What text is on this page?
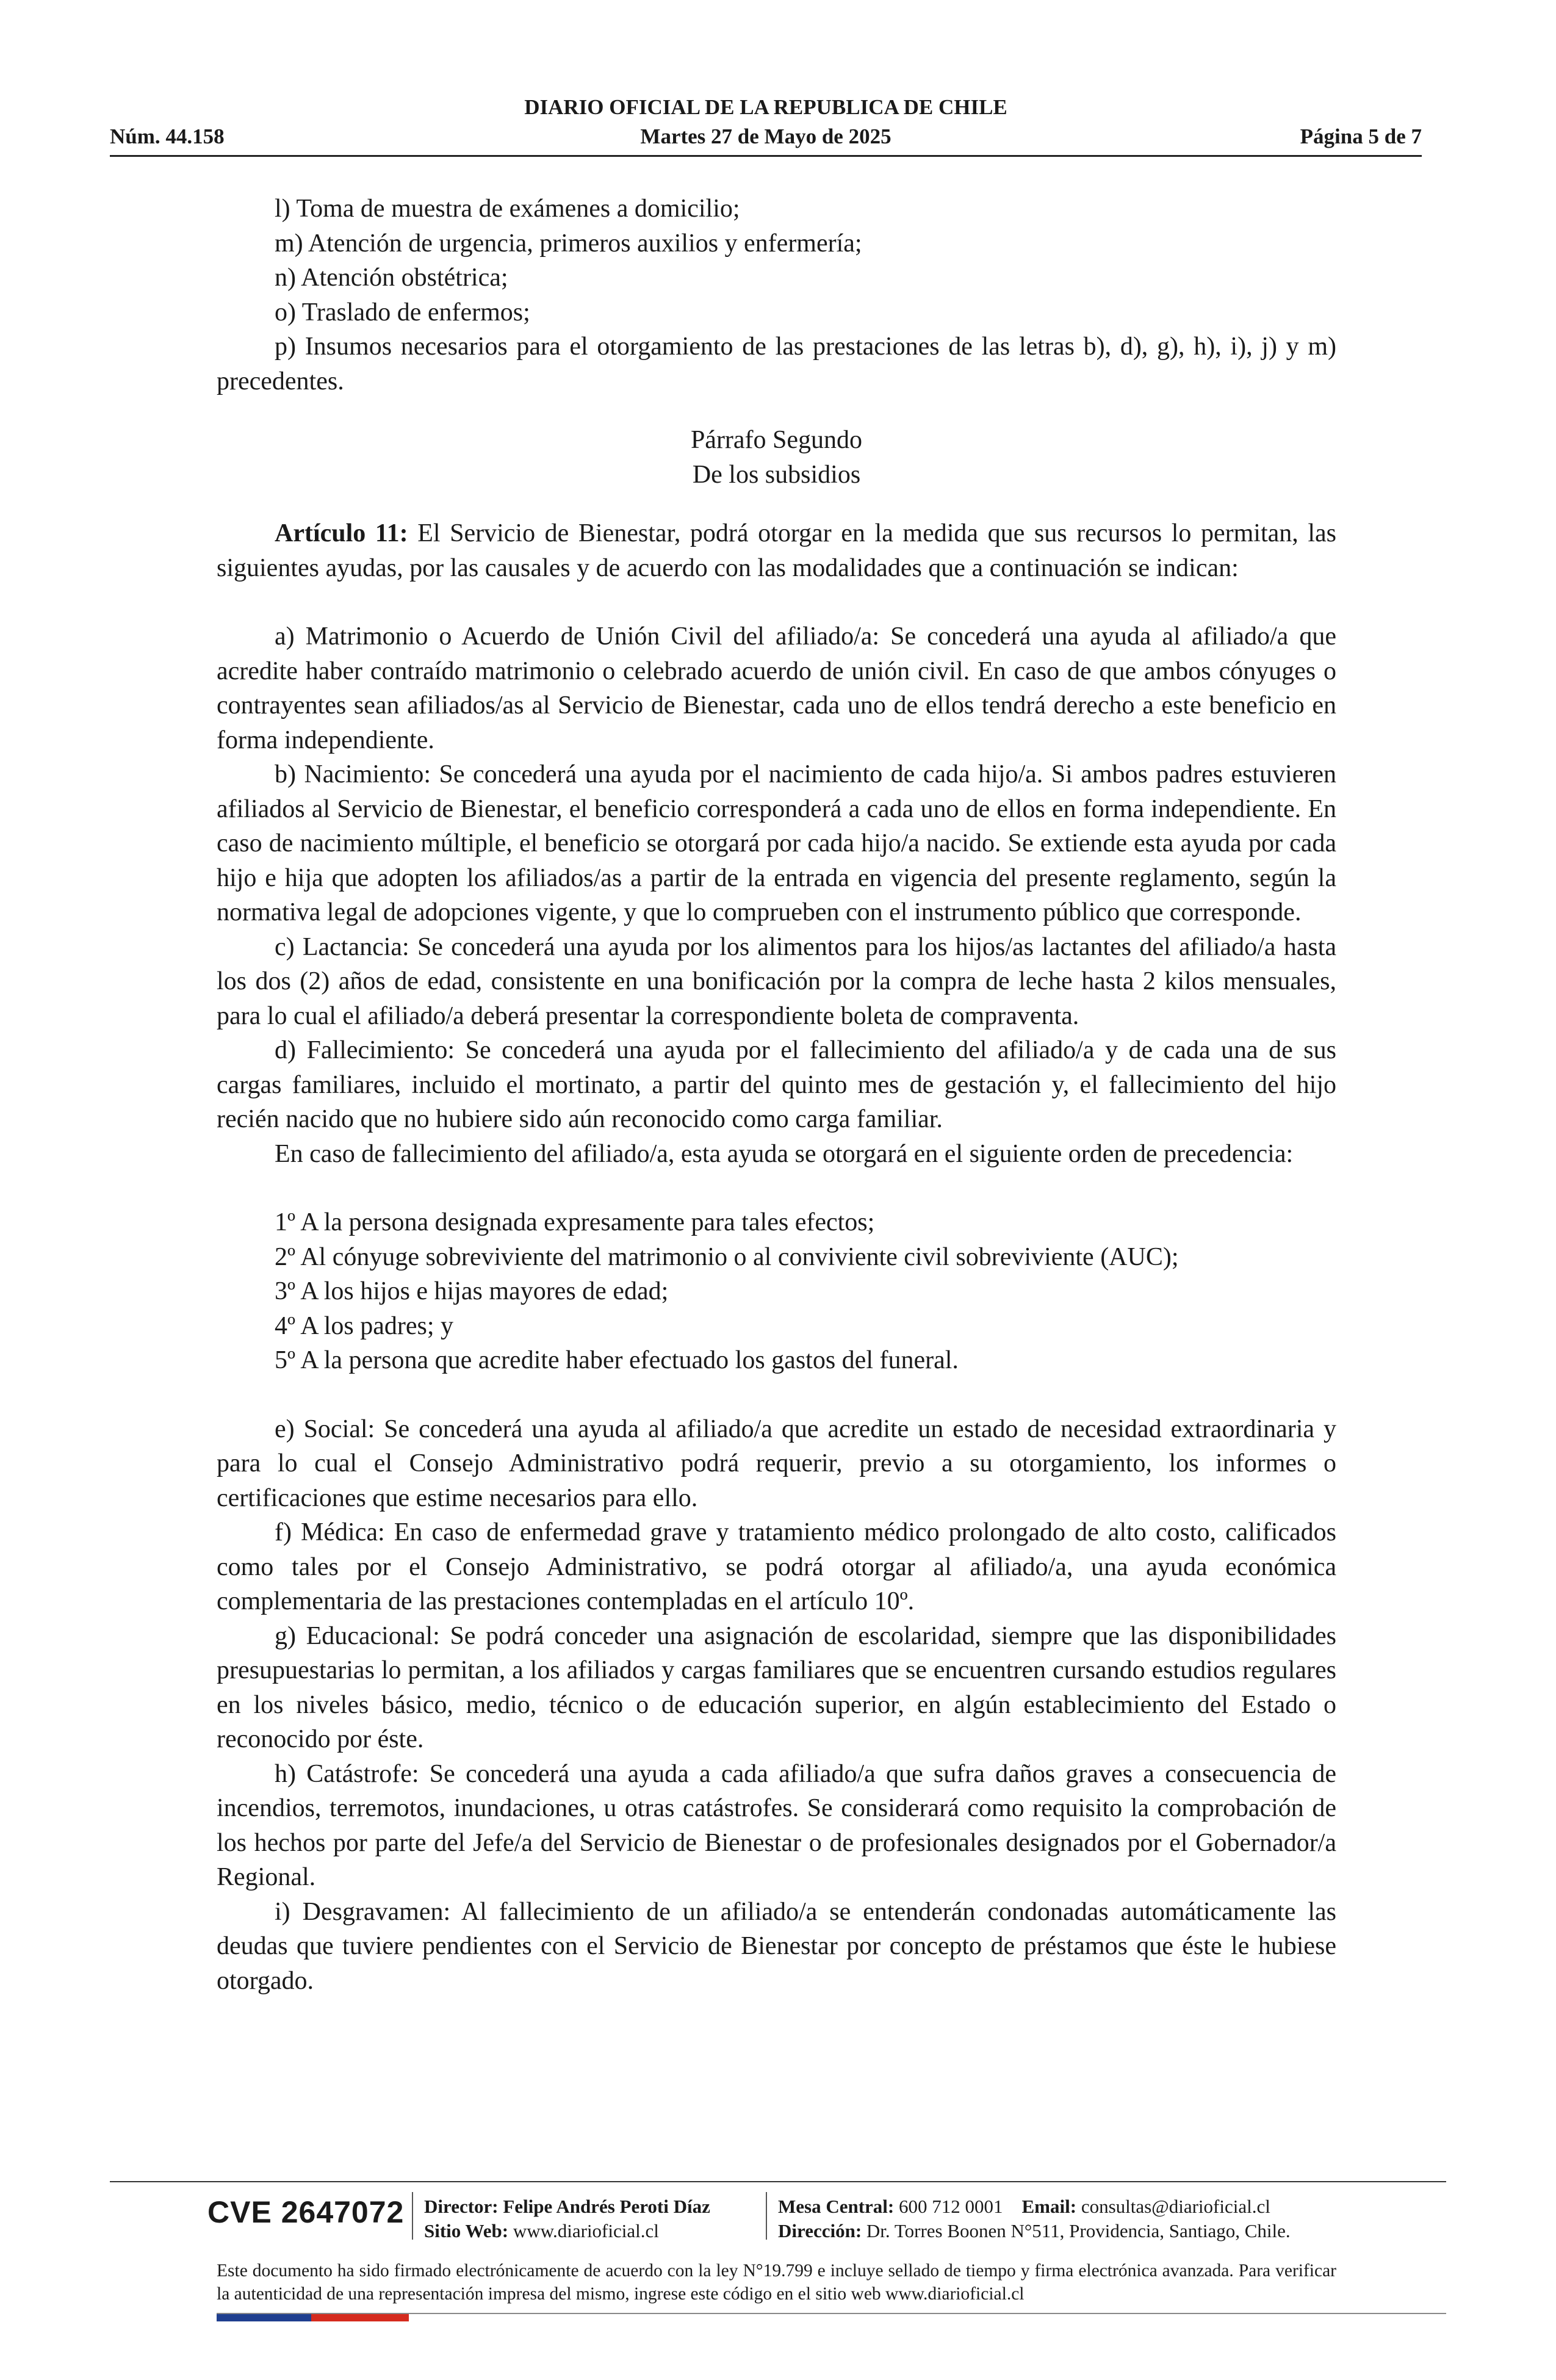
DIARIO OFICIAL DE LA REPUBLICA DE CHILE
Núm. 44.158	Martes 27 de Mayo de 2025	Página 5 de 7

l) Toma de muestra de exámenes a domicilio;

m) Atención de urgencia, primeros auxilios y enfermería;

n) Atención obstétrica;

o) Traslado de enfermos;

p) Insumos necesarios para el otorgamiento de las prestaciones de las letras b), d), g), h), i), j) y m) precedentes.

Párrafo Segundo

De los subsidios

Artículo 11: El Servicio de Bienestar, podrá otorgar en la medida que sus recursos lo permitan, las siguientes ayudas, por las causales y de acuerdo con las modalidades que a continuación se indican:

a) Matrimonio o Acuerdo de Unión Civil del afiliado/a: Se concederá una ayuda al afiliado/a que acredite haber contraído matrimonio o celebrado acuerdo de unión civil. En caso de que ambos cónyuges o contrayentes sean afiliados/as al Servicio de Bienestar, cada uno de ellos tendrá derecho a este beneficio en forma independiente.

b) Nacimiento: Se concederá una ayuda por el nacimiento de cada hijo/a. Si ambos padres estuvieren afiliados al Servicio de Bienestar, el beneficio corresponderá a cada uno de ellos en forma independiente. En caso de nacimiento múltiple, el beneficio se otorgará por cada hijo/a nacido. Se extiende esta ayuda por cada hijo e hija que adopten los afiliados/as a partir de la entrada en vigencia del presente reglamento, según la normativa legal de adopciones vigente, y que lo comprueben con el instrumento público que corresponde.

c) Lactancia: Se concederá una ayuda por los alimentos para los hijos/as lactantes del afiliado/a hasta los dos (2) años de edad, consistente en una bonificación por la compra de leche hasta 2 kilos mensuales, para lo cual el afiliado/a deberá presentar la correspondiente boleta de compraventa.

d) Fallecimiento: Se concederá una ayuda por el fallecimiento del afiliado/a y de cada una de sus cargas familiares, incluido el mortinato, a partir del quinto mes de gestación y, el fallecimiento del hijo recién nacido que no hubiere sido aún reconocido como carga familiar.

En caso de fallecimiento del afiliado/a, esta ayuda se otorgará en el siguiente orden de precedencia:

1º A la persona designada expresamente para tales efectos;

2º Al cónyuge sobreviviente del matrimonio o al conviviente civil sobreviviente (AUC);

3º A los hijos e hijas mayores de edad;

4º A los padres; y

5º A la persona que acredite haber efectuado los gastos del funeral.

e) Social: Se concederá una ayuda al afiliado/a que acredite un estado de necesidad extraordinaria y para lo cual el Consejo Administrativo podrá requerir, previo a su otorgamiento, los informes o certificaciones que estime necesarios para ello.

f) Médica: En caso de enfermedad grave y tratamiento médico prolongado de alto costo, calificados como tales por el Consejo Administrativo, se podrá otorgar al afiliado/a, una ayuda económica complementaria de las prestaciones contempladas en el artículo 10º.

g) Educacional: Se podrá conceder una asignación de escolaridad, siempre que las disponibilidades presupuestarias lo permitan, a los afiliados y cargas familiares que se encuentren cursando estudios regulares en los niveles básico, medio, técnico o de educación superior, en algún establecimiento del Estado o reconocido por éste.

h) Catástrofe: Se concederá una ayuda a cada afiliado/a que sufra daños graves a consecuencia de incendios, terremotos, inundaciones, u otras catástrofes. Se considerará como requisito la comprobación de los hechos por parte del Jefe/a del Servicio de Bienestar o de profesionales designados por el Gobernador/a Regional.

i) Desgravamen: Al fallecimiento de un afiliado/a se entenderán condonadas automáticamente las deudas que tuviere pendientes con el Servicio de Bienestar por concepto de préstamos que éste le hubiese otorgado.

CVE 2647072 Director: Felipe Andrés Peroti Díaz
Sitio Web: www.diarioficial.cl
Mesa Central: 600 712 0001 Email: consultas@diarioficial.cl
Dirección: Dr. Torres Boonen N°511, Providencia, Santiago, Chile.
Este documento ha sido firmado electrónicamente de acuerdo con la ley N°19.799 e incluye sellado de tiempo y firma electrónica avanzada. Para verificar la autenticidad de una representación impresa del mismo, ingrese este código en el sitio web www.diarioficial.cl
